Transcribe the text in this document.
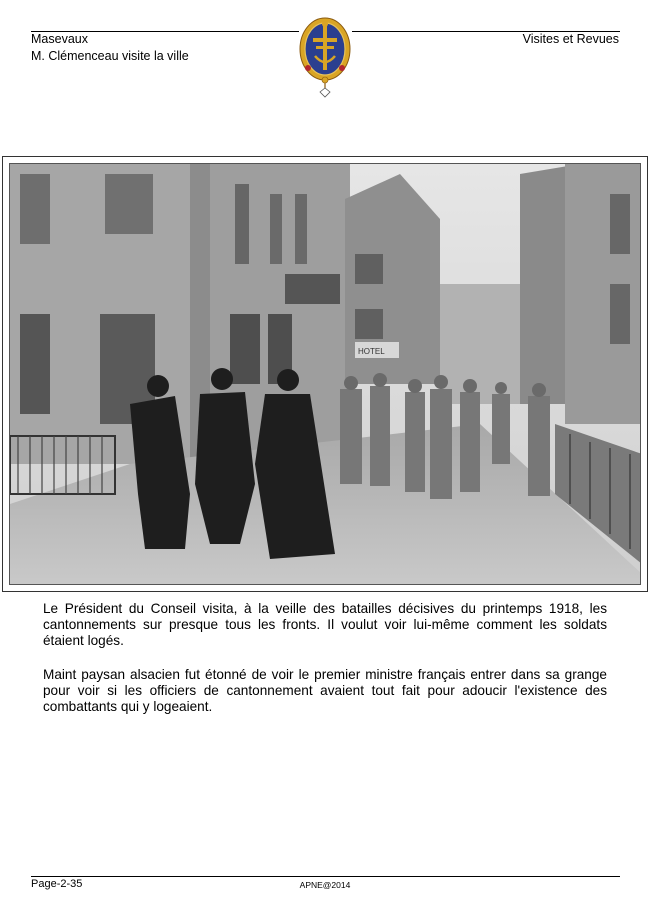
Masevaux
M. Clémenceau visite la ville
Visites et Revues
HOTEL

Le Président du Conseil visita, à la veille des batailles décisives du printemps 1918, les cantonnements sur presque tous les fronts. Il voulut voir lui-même comment les soldats étaient logés.

Maint paysan alsacien fut étonné de voir le premier ministre français entrer dans sa grange pour voir si les officiers de cantonnement avaient tout fait pour adoucir l'existence des combattants qui y logeaient.

Page-2-35	APNE@2014
